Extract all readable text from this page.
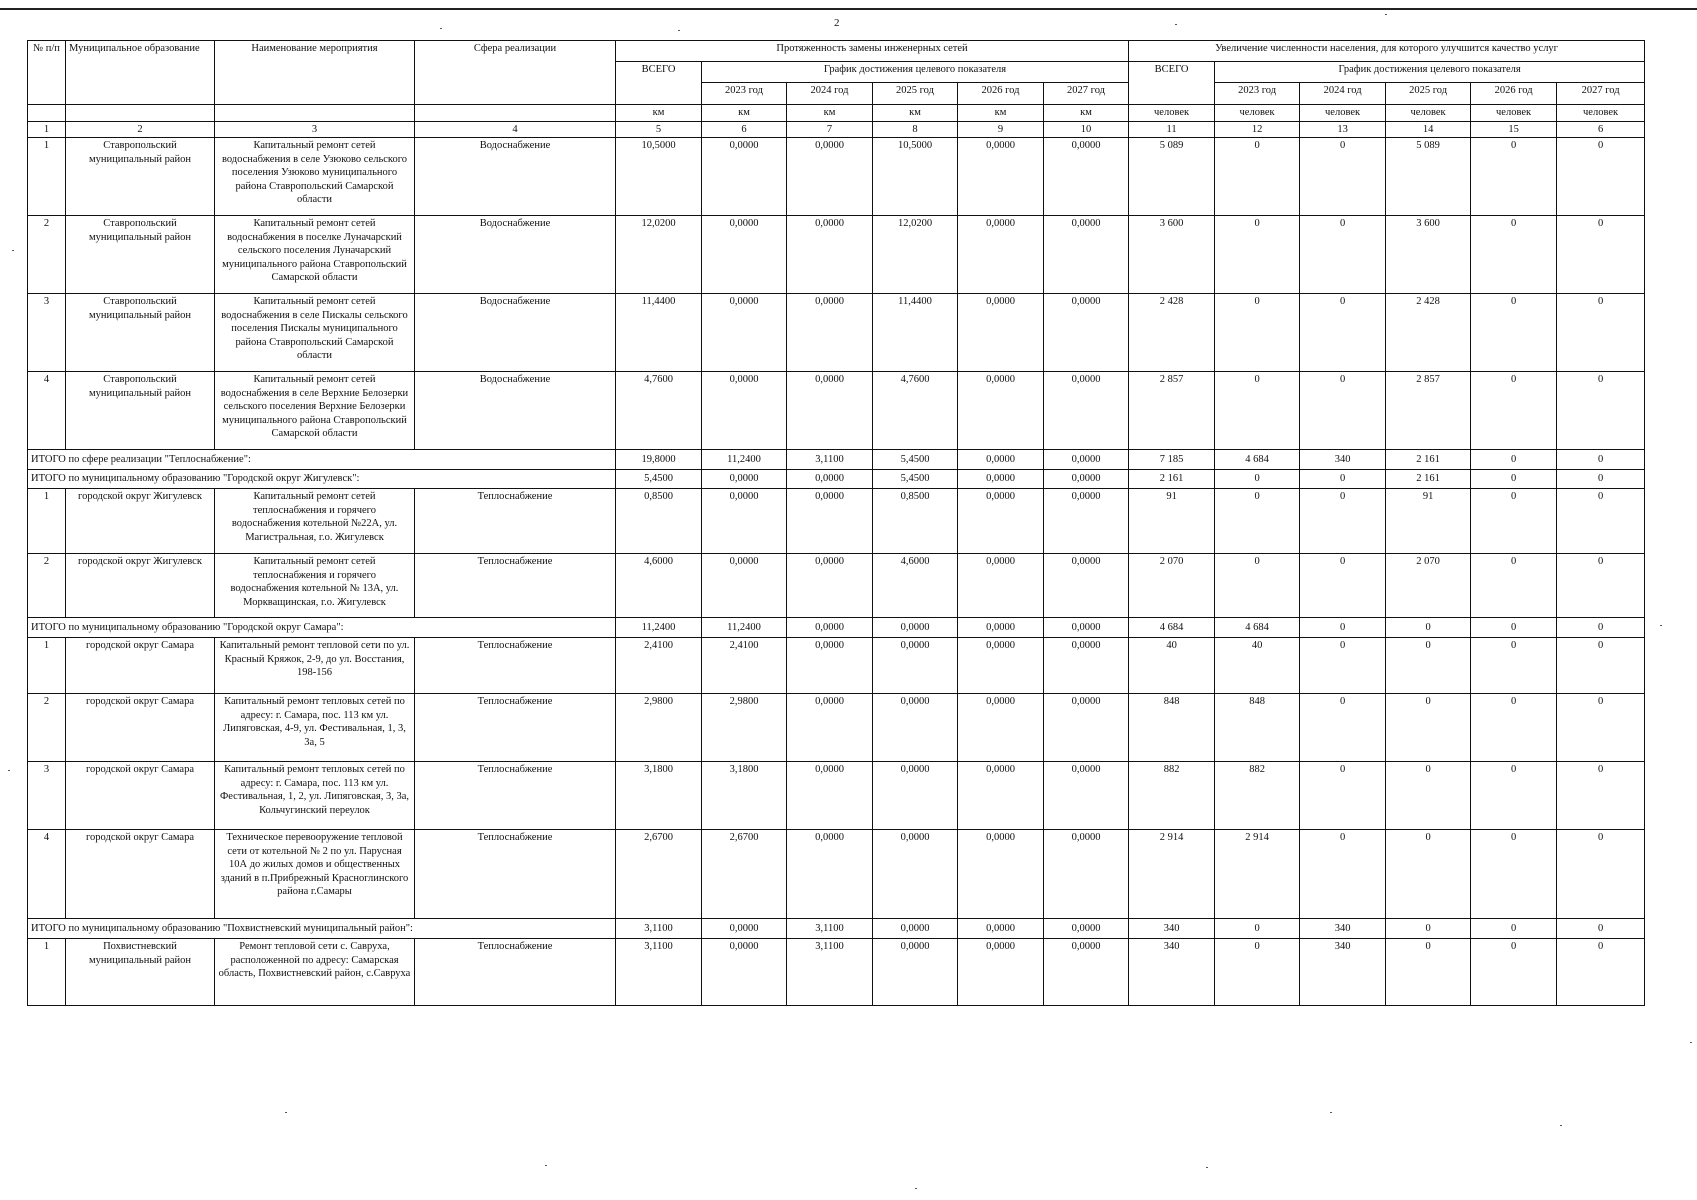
2
№ п/п	Муниципальное образование	Наименование мероприятия	Сфера реализации	Протяженность замены инженерных сетей						Увеличение численности населения, для которого улучшится качество услуг					
				ВСЕГО	График достижения целевого показателя					ВСЕГО	График достижения целевого показателя				
					2023 год	2024 год	2025 год	2026 год	2027 год		2023 год	2024 год	2025 год	2026 год	2027 год
				км	км	км	км	км	км	человек	человек	человек	человек	человек	человек
1	2	3	4	5	6	7	8	9	10	11	12	13	14	15	6
1	Ставропольский муниципальный район	Капитальный ремонт сетей водоснабжения в селе Узюково сельского поселения Узюково муниципального района Ставропольский Самарской области	Водоснабжение	10,5000	0,0000	0,0000	10,5000	0,0000	0,0000	5 089	0	0	5 089	0	0
2	Ставропольский муниципальный район	Капитальный ремонт сетей водоснабжения в поселке Луначарский сельского поселения Луначарский муниципального района Ставропольский Самарской области	Водоснабжение	12,0200	0,0000	0,0000	12,0200	0,0000	0,0000	3 600	0	0	3 600	0	0
3	Ставропольский муниципальный район	Капитальный ремонт сетей водоснабжения в селе Пискалы сельского поселения Пискалы муниципального района Ставропольский Самарской области	Водоснабжение	11,4400	0,0000	0,0000	11,4400	0,0000	0,0000	2 428	0	0	2 428	0	0
4	Ставропольский муниципальный район	Капитальный ремонт сетей водоснабжения в селе Верхние Белозерки сельского поселения Верхние Белозерки муниципального района Ставропольский Самарской области	Водоснабжение	4,7600	0,0000	0,0000	4,7600	0,0000	0,0000	2 857	0	0	2 857	0	0
ИТОГО по сфере реализации "Теплоснабжение":				19,8000	11,2400	3,1100	5,4500	0,0000	0,0000	7 185	4 684	340	2 161	0	0
ИТОГО по муниципальному образованию "Городской округ Жигулевск":				5,4500	0,0000	0,0000	5,4500	0,0000	0,0000	2 161	0	0	2 161	0	0
1	городской округ Жигулевск	Капитальный ремонт сетей теплоснабжения и горячего водоснабжения котельной №22А, ул. Магистральная, г.о. Жигулевск	Теплоснабжение	0,8500	0,0000	0,0000	0,8500	0,0000	0,0000	91	0	0	91	0	0
2	городской округ Жигулевск	Капитальный ремонт сетей теплоснабжения и горячего водоснабжения котельной № 13А, ул. Моркващинская, г.о. Жигулевск	Теплоснабжение	4,6000	0,0000	0,0000	4,6000	0,0000	0,0000	2 070	0	0	2 070	0	0
ИТОГО по муниципальному образованию "Городской округ Самара":				11,2400	11,2400	0,0000	0,0000	0,0000	0,0000	4 684	4 684	0	0	0	0
1	городской округ Самара	Капитальный ремонт тепловой сети по ул. Красный Кряжок, 2-9, до ул. Восстания, 198-156	Теплоснабжение	2,4100	2,4100	0,0000	0,0000	0,0000	0,0000	40	40	0	0	0	0
2	городской округ Самара	Капитальный ремонт тепловых сетей по адресу: г. Самара, пос. 113 км ул. Липяговская, 4-9, ул. Фестивальная, 1, 3, 3а, 5	Теплоснабжение	2,9800	2,9800	0,0000	0,0000	0,0000	0,0000	848	848	0	0	0	0
3	городской округ Самара	Капитальный ремонт тепловых сетей по адресу: г. Самара, пос. 113 км ул. Фестивальная, 1, 2, ул. Липяговская, 3, 3а, Кольчугинский переулок	Теплоснабжение	3,1800	3,1800	0,0000	0,0000	0,0000	0,0000	882	882	0	0	0	0
4	городской округ Самара	Техническое перевооружение тепловой сети от котельной № 2 по ул. Парусная 10А до жилых домов и общественных зданий в п.Прибрежный Красноглинского района г.Самары	Теплоснабжение	2,6700	2,6700	0,0000	0,0000	0,0000	0,0000	2 914	2 914	0	0	0	0
ИТОГО по муниципальному образованию "Похвистневский муниципальный район":				3,1100	0,0000	3,1100	0,0000	0,0000	0,0000	340	0	340	0	0	0
1	Похвистневский муниципальный район	Ремонт тепловой сети с. Савруха, расположенной по адресу: Самарская область, Похвистневский район, с.Савруха	Теплоснабжение	3,1100	0,0000	3,1100	0,0000	0,0000	0,0000	340	0	340	0	0	0
